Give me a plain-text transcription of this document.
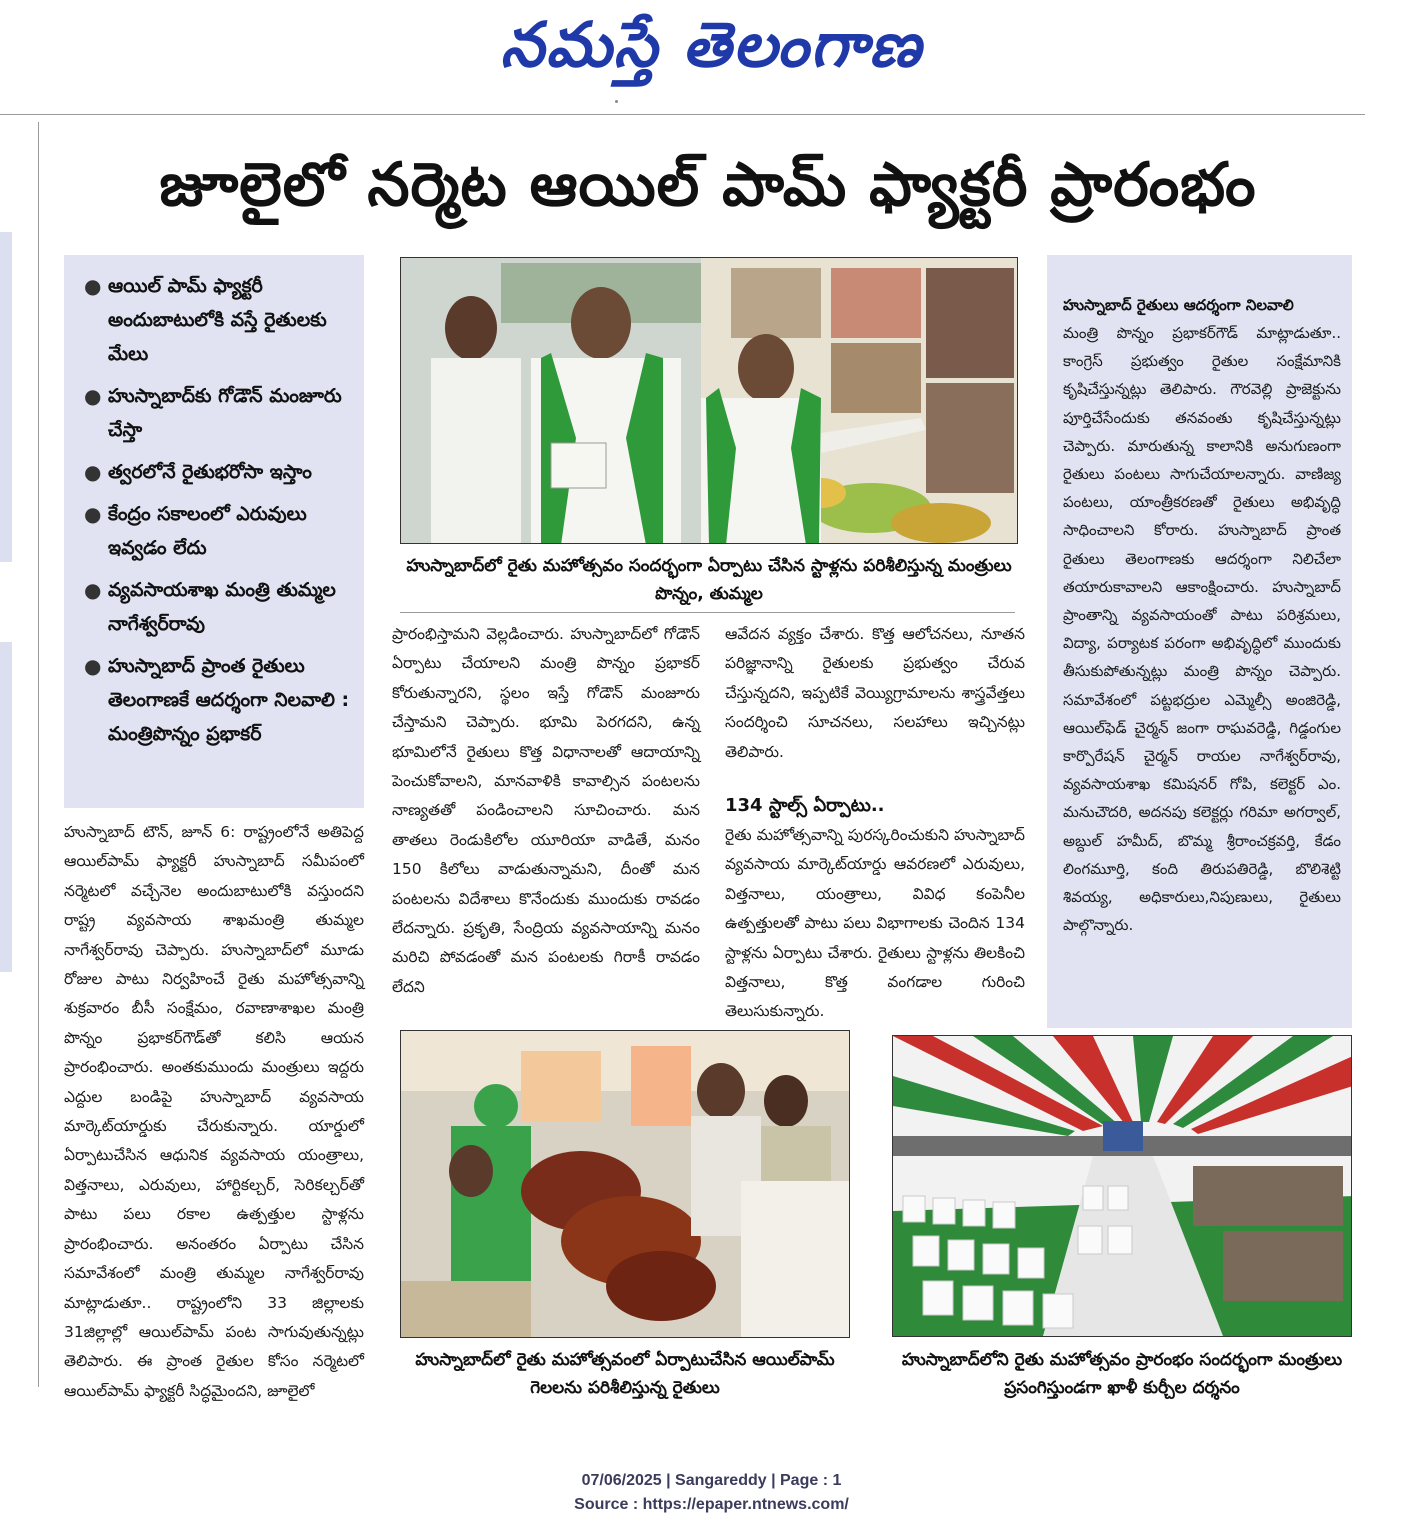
నమస్తే తెలంగాణ
జూలైలో నర్మెట ఆయిల్ పామ్ ఫ్యాక్టరీ ప్రారంభం
● ఆయిల్ పామ్ ఫ్యాక్టరీ అందుబాటులోకి వస్తే రైతులకు మేలు
● హుస్నాబాద్‌కు గోడౌన్ మంజూరు చేస్తా
● త్వరలోనే రైతుభరోసా ఇస్తాం
● కేంద్రం సకాలంలో ఎరువులు ఇవ్వడం లేదు
● వ్యవసాయశాఖ మంత్రి తుమ్మల నాగేశ్వర్‌రావు
● హుస్నాబాద్ ప్రాంత రైతులు తెలంగాణకే ఆదర్శంగా నిలవాలి : మంత్రిపొన్నం ప్రభాకర్
హుస్నాబాద్‌లో రైతు మహోత్సవం సందర్భంగా ఏర్పాటు చేసిన స్టాళ్లను పరిశీలిస్తున్న మంత్రులు పొన్నం, తుమ్మల
హుస్నాబాద్ రైతులు ఆదర్శంగా నిలవాలి
మంత్రి పొన్నం ప్రభాకర్‌గౌడ్ మాట్లాడుతూ.. కాంగ్రెస్ ప్రభుత్వం రైతుల సంక్షేమానికి కృషిచేస్తున్నట్లు తెలిపారు. గౌరవెల్లి ప్రాజెక్టును పూర్తిచేసేందుకు తనవంతు కృషిచేస్తున్నట్లు చెప్పారు. మారుతున్న కాలానికి అనుగుణంగా రైతులు పంటలు సాగుచేయాలన్నారు. వాణిజ్య పంటలు, యాంత్రీకరణతో రైతులు అభివృద్ధి సాధించాలని కోరారు. హుస్నాబాద్ ప్రాంత రైతులు తెలంగాణకు ఆదర్శంగా నిలిచేలా తయారుకావాలని ఆకాంక్షించారు. హుస్నాబాద్ ప్రాంతాన్ని వ్యవసాయంతో పాటు పరిశ్రమలు, విద్యా, పర్యాటక పరంగా అభివృద్ధిలో ముందుకు తీసుకుపోతున్నట్లు మంత్రి పొన్నం చెప్పారు. సమావేశంలో పట్టభద్రుల ఎమ్మెల్సీ అంజిరెడ్డి, ఆయిల్‌ఫెడ్ చైర్మన్ జంగా రాఘవరెడ్డి, గిడ్డంగుల కార్పొరేషన్ చైర్మన్ రాయల నాగేశ్వర్‌రావు, వ్యవసాయశాఖ కమిషనర్ గోపి, కలెక్టర్ ఎం. మనుచౌదరి, అదనపు కలెక్టర్లు గరిమా అగర్వాల్, అబ్దుల్ హమీద్, బొమ్మ శ్రీరాంచక్రవర్తి, కేడం లింగమూర్తి, కంది తిరుపతిరెడ్డి, బొలిశెట్టి శివయ్య, అధికారులు,నిపుణులు, రైతులు పాల్గొన్నారు.
హుస్నాబాద్ టౌన్, జూన్ 6: రాష్ట్రంలోనే అతిపెద్ద ఆయిల్‌పామ్ ఫ్యాక్టరీ హుస్నాబాద్ సమీపంలో నర్మెటలో వచ్చేనెల అందుబాటులోకి వస్తుందని రాష్ట్ర వ్యవసాయ శాఖమంత్రి తుమ్మల నాగేశ్వర్‌రావు చెప్పారు. హుస్నాబాద్‌లో మూడు రోజుల పాటు నిర్వహించే రైతు మహోత్సవాన్ని శుక్రవారం బీసీ సంక్షేమం, రవాణాశాఖల మంత్రి పొన్నం ప్రభాకర్‌గౌడ్‌తో కలిసి ఆయన ప్రారంభించారు. అంతకుముందు మంత్రులు ఇద్దరు ఎద్దుల బండిపై హుస్నాబాద్ వ్యవసాయ మార్కెట్‌యార్డుకు చేరుకున్నారు. యార్డులో ఏర్పాటుచేసిన ఆధునిక వ్యవసాయ యంత్రాలు, విత్తనాలు, ఎరువులు, హార్టికల్చర్, సెరికల్చర్‌తో పాటు పలు రకాల ఉత్పత్తుల స్టాళ్లను ప్రారంభించారు. అనంతరం ఏర్పాటు చేసిన సమావేశంలో మంత్రి తుమ్మల నాగేశ్వర్‌రావు మాట్లాడుతూ.. రాష్ట్రంలోని 33 జిల్లాలకు 31జిల్లాల్లో ఆయిల్‌పామ్ పంట సాగువుతున్నట్లు తెలిపారు. ఈ ప్రాంత రైతుల కోసం నర్మెటలో ఆయిల్‌పామ్ ఫ్యాక్టరీ సిద్ధమైందని, జూలైలో
ప్రారంభిస్తామని వెల్లడించారు. హుస్నాబాద్‌లో గోడౌన్ ఏర్పాటు చేయాలని మంత్రి పొన్నం ప్రభాకర్ కోరుతున్నారని, స్థలం ఇస్తే గోడౌన్ మంజూరు చేస్తామని చెప్పారు. భూమి పెరగదని, ఉన్న భూమిలోనే రైతులు కొత్త విధానాలతో ఆదాయాన్ని పెంచుకోవాలని, మానవాళికి కావాల్సిన పంటలను నాణ్యతతో పండించాలని సూచించారు. మన తాతలు రెండుకిలోల యూరియా వాడితే, మనం 150 కిలోలు వాడుతున్నామని, దీంతో మన పంటలను విదేశాలు కొనేందుకు ముందుకు రావడం లేదన్నారు. ప్రకృతి, సేంద్రియ వ్యవసాయాన్ని మనం మరిచి పోవడంతో మన పంటలకు గిరాకీ రావడం లేదని
ఆవేదన వ్యక్తం చేశారు. కొత్త ఆలోచనలు, నూతన పరిజ్ఞానాన్ని రైతులకు ప్రభుత్వం చేరువ చేస్తున్నదని, ఇప్పటికే వెయ్యిగ్రామాలను శాస్త్రవేత్తలు సందర్శించి సూచనలు, సలహాలు ఇచ్చినట్లు తెలిపారు.
134 స్టాల్స్ ఏర్పాటు..
రైతు మహోత్సవాన్ని పురస్కరించుకుని హుస్నాబాద్ వ్యవసాయ మార్కెట్‌యార్డు ఆవరణలో ఎరువులు, విత్తనాలు, యంత్రాలు, వివిధ కంపెనీల ఉత్పత్తులతో పాటు పలు విభాగాలకు చెందిన 134 స్టాళ్లను ఏర్పాటు చేశారు. రైతులు స్టాళ్లను తిలకించి విత్తనాలు, కొత్త వంగడాల గురించి తెలుసుకున్నారు.
హుస్నాబాద్‌లో రైతు మహోత్సవంలో ఏర్పాటుచేసిన ఆయిల్‌పామ్ గెలలను పరిశీలిస్తున్న రైతులు
హుస్నాబాద్‌లోని రైతు మహోత్సవం ప్రారంభం సందర్భంగా మంత్రులు ప్రసంగిస్తుండగా ఖాళీ కుర్చీల దర్శనం
07/06/2025 | Sangareddy | Page : 1
Source : https://epaper.ntnews.com/
